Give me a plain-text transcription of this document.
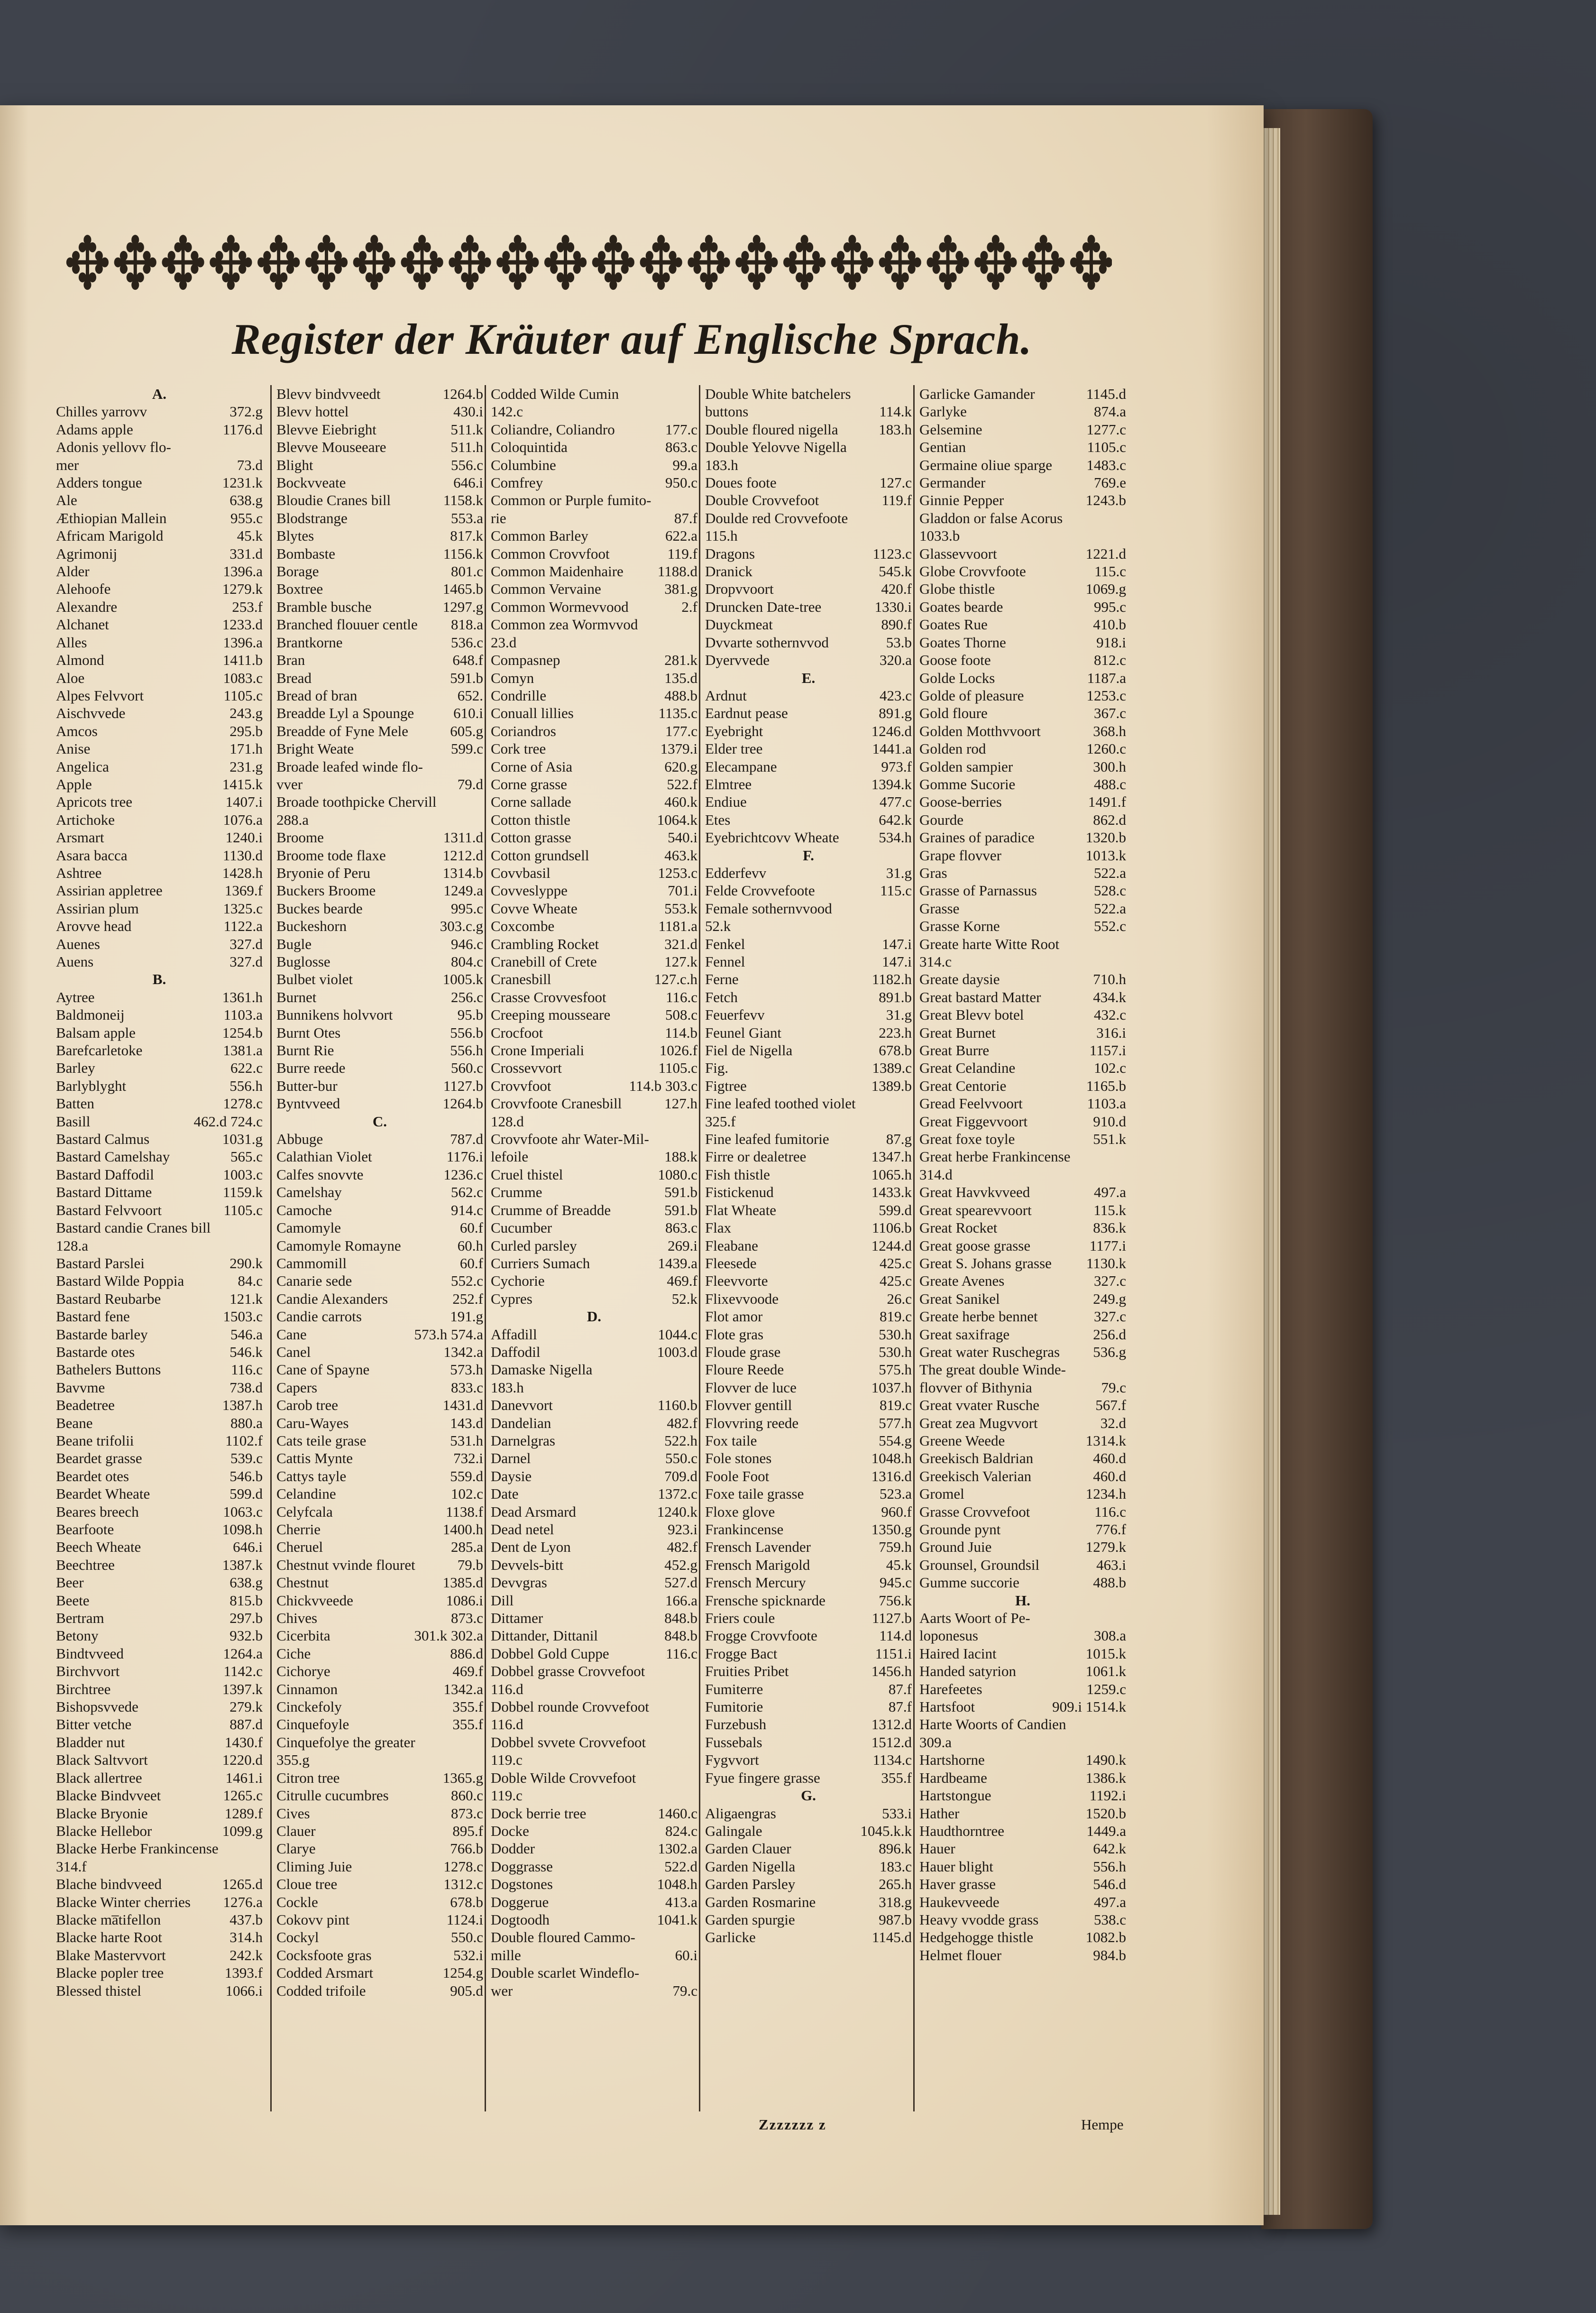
✥ ✥ ✥ ✥ ✥ ✥ ✥ ✥ ✥ ✥ ✥ ✥ ✥ ✥ ✥ ✥ ✥ ✥ ✥ ✥ ✥ ✥
Register der Kräuter auf Englische Sprach.
A.
Chilles yarrovv	372.g
Adams apple	1176.d
Adonis yellovv flo-
mer	73.d
Adders tongue	1231.k
Ale	638.g
Æthiopian Mallein	955.c
Africam Marigold	45.k
Agrimonij	331.d
Alder	1396.a
Alehoofe	1279.k
Alexandre	253.f
Alchanet	1233.d
Alles	1396.a
Almond	1411.b
Aloe	1083.c
Alpes Felvvort	1105.c
Aischvvede	243.g
Amcos	295.b
Anise	171.h
Angelica	231.g
Apple	1415.k
Apricots tree	1407.i
Artichoke	1076.a
Arsmart	1240.i
Asara bacca	1130.d
Ashtree	1428.h
Assirian appletree	1369.f
Assirian plum	1325.c
Arovve head	1122.a
Auenes	327.d
Auens	327.d
B.
Aytree	1361.h
Baldmoneij	1103.a
Balsam apple	1254.b
Barefcarletoke	1381.a
Barley	622.c
Barlyblyght	556.h
Batten	1278.c
Basill	462.d 724.c
Bastard Calmus	1031.g
Bastard Camelshay	565.c
Bastard Daffodil	1003.c
Bastard Dittame	1159.k
Bastard Felvvoort	1105.c
Bastard candie Cranes bill
128.a
Bastard Parslei	290.k
Bastard Wilde Poppia	84.c
Bastard Reubarbe	121.k
Bastard fene	1503.c
Bastarde barley	546.a
Bastarde otes	546.k
Bathelers Buttons	116.c
Bavvme	738.d
Beadetree	1387.h
Beane	880.a
Beane trifolii	1102.f
Beardet grasse	539.c
Beardet otes	546.b
Beardet Wheate	599.d
Beares breech	1063.c
Bearfoote	1098.h
Beech Wheate	646.i
Beechtree	1387.k
Beer	638.g
Beete	815.b
Bertram	297.b
Betony	932.b
Bindtvveed	1264.a
Birchvvort	1142.c
Birchtree	1397.k
Bishopsvvede	279.k
Bitter vetche	887.d
Bladder nut	1430.f
Black Saltvvort	1220.d
Black allertree	1461.i
Blacke Bindvveet	1265.c
Blacke Bryonie	1289.f
Blacke Hellebor	1099.g
Blacke Herbe Frankincense
314.f
Blache bindvveed	1265.d
Blacke Winter cherries 1276.a
Blacke ma̅tifellon	437.b
Blacke harte Root	314.h
Blake Mastervvort	242.k
Blacke popler tree	1393.f
Blessed thistel	1066.i
Blevv bindvveedt	1264.b
Blevv hottel	430.i
Blevve Eiebright	511.k
Blevve Mouseeare	511.h
Blight	556.c
Bockvveate	646.i
Bloudie Cranes bill	1158.k
Blodstrange	553.a
Blytes	817.k
Bombaste	1156.k
Borage	801.c
Boxtree	1465.b
Bramble busche	1297.g
Branched flouuer centle 818.a
Brantkorne	536.c
Bran	648.f
Bread	591.b
Bread of bran	652.
Breadde Lyl a Spounge	610.i
Breadde of Fyne Mele	605.g
Bright Weate	599.c
Broade leafed winde flo-
vver	79.d
Broade toothpicke Chervill
288.a
Broome	1311.d
Broome tode flaxe	1212.d
Bryonie of Peru	1314.b
Buckers Broome	1249.a
Buckes bearde	995.c
Buckeshorn	303.c.g
Bugle	946.c
Buglosse	804.c
Bulbet violet	1005.k
Burnet	256.c
Bunnikens holvvort	95.b
Burnt Otes	556.b
Burnt Rie	556.h
Burre reede	560.c
Butter-bur	1127.b
Byntvveed	1264.b
C.
Abbuge	787.d
Calathian Violet	1176.i
Calfes snovvte	1236.c
Camelshay	562.c
Camoche	914.c
Camomyle	60.f
Camomyle Romayne	60.h
Cammomill	60.f
Canarie sede	552.c
Candie Alexanders	252.f
Candie carrots	191.g
Cane	573.h 574.a
Canel	1342.a
Cane of Spayne	573.h
Capers	833.c
Carob tree	1431.d
Caru-Wayes	143.d
Cats teile grase	531.h
Cattis Mynte	732.i
Cattys tayle	559.d
Celandine	102.c
Celyfcala	1138.f
Cherrie	1400.h
Cheruel	285.a
Chestnut vvinde flouret	79.b
Chestnut	1385.d
Chickvveede	1086.i
Chives	873.c
Cicerbita	301.k 302.a
Ciche	886.d
Cichorye	469.f
Cinnamon	1342.a
Cinckefoly	355.f
Cinquefoyle	355.f
Cinquefolye the greater
355.g
Citron tree	1365.g
Citrulle cucumbres	860.c
Cives	873.c
Clauer	895.f
Clarye	766.b
Climing Juie	1278.c
Cloue tree	1312.c
Cockle	678.b
Cokovv pint	1124.i
Cockyl	550.c
Cocksfoote gras	532.i
Codded Arsmart	1254.g
Codded trifoile	905.d
Codded Wilde Cumin
142.c
Coliandre, Coliandro	177.c
Coloquintida	863.c
Columbine	99.a
Comfrey	950.c
Common or Purple fumito-
rie	87.f
Common Barley	622.a
Common Crovvfoot	119.f
Common Maidenhaire 1188.d
Common Vervaine	381.g
Common Wormevvood	2.f
Common zea Wormvvod
23.d
Compasnep	281.k
Comyn	135.d
Condrille	488.b
Conuall lillies	1135.c
Coriandros	177.c
Cork tree	1379.i
Corne of Asia	620.g
Corne grasse	522.f
Corne sallade	460.k
Cotton thistle	1064.k
Cotton grasse	540.i
Cotton grundsell	463.k
Covvbasil	1253.c
Covveslyppe	701.i
Covve Wheate	553.k
Coxcombe	1181.a
Crambling Rocket	321.d
Cranebill of Crete	127.k
Cranesbill	127.c.h
Crasse Crovvesfoot	116.c
Creeping mousseare	508.c
Crocfoot	114.b
Crone Imperiali	1026.f
Crossevvort	1105.c
Crovvfoot	114.b 303.c
Crovvfoote Cranesbill	127.h
128.d
Crovvfoote ahr Water-Mil-
lefoile	188.k
Cruel thistel	1080.c
Crumme	591.b
Crumme of Breadde	591.b
Cucumber	863.c
Curled parsley	269.i
Curriers Sumach	1439.a
Cychorie	469.f
Cypres	52.k
D.
Affadill	1044.c
Daffodil	1003.d
Damaske Nigella
183.h
Danevvort	1160.b
Dandelian	482.f
Darnelgras	522.h
Darnel	550.c
Daysie	709.d
Date	1372.c
Dead Arsmard	1240.k
Dead netel	923.i
Dent de Lyon	482.f
Devvels-bitt	452.g
Devvgras	527.d
Dill	166.a
Dittamer	848.b
Dittander, Dittanil	848.b
Dobbel Gold Cuppe	116.c
Dobbel grasse Crovvefoot
116.d
Dobbel rounde Crovvefoot
116.d
Dobbel svvete Crovvefoot
119.c
Doble Wilde Crovvefoot
119.c
Dock berrie tree	1460.c
Docke	824.c
Dodder	1302.a
Doggrasse	522.d
Dogstones	1048.h
Doggerue	413.a
Dogtoodh	1041.k
Double floured Cammo-
mille	60.i
Double scarlet Windeflo-
wer	79.c
Double White batchelers
buttons	114.k
Double floured nigella	183.h
Double Yelovve Nigella
183.h
Doues foote	127.c
Double Crovvefoot	119.f
Doulde red Crovvefoote
115.h
Dragons	1123.c
Dranick	545.k
Dropvvoort	420.f
Druncken Date-tree	1330.i
Duyckmeat	890.f
Dvvarte sothernvvod	53.b
Dyervvede	320.a
E.
Ardnut	423.c
Eardnut pease	891.g
Eyebright	1246.d
Elder tree	1441.a
Elecampane	973.f
Elmtree	1394.k
Endiue	477.c
Etes	642.k
Eyebrichtcovv Wheate	534.h
F.
Edderfevv	31.g
Felde Crovvefoote	115.c
Female sothernvvood
52.k
Fenkel	147.i
Fennel	147.i
Ferne	1182.h
Fetch	891.b
Feuerfevv	31.g
Feunel Giant	223.h
Fiel de Nigella	678.b
Fig.	1389.c
Figtree	1389.b
Fine leafed toothed violet
325.f
Fine leafed fumitorie	87.g
Firre or dealetree	1347.h
Fish thistle	1065.h
Fistickenud	1433.k
Flat Wheate	599.d
Flax	1106.b
Fleabane	1244.d
Fleesede	425.c
Fleevvorte	425.c
Flixevvoode	26.c
Flot amor	819.c
Flote gras	530.h
Floude grase	530.h
Floure Reede	575.h
Flovver de luce	1037.h
Flovver gentill	819.c
Flovvring reede	577.h
Fox taile	554.g
Fole stones	1048.h
Foole Foot	1316.d
Foxe taile grasse	523.a
Floxe glove	960.f
Frankincense	1350.g
Frensch Lavender	759.h
Frensch Marigold	45.k
Frensch Mercury	945.c
Frensche spicknarde	756.k
Friers coule	1127.b
Frogge Crovvfoote	114.d
Frogge Bact	1151.i
Fruities Pribet	1456.h
Fumiterre	87.f
Fumitorie	87.f
Furzebush	1312.d
Fussebals	1512.d
Fygvvort	1134.c
Fyue fingere grasse	355.f
G.
Aligaengras	533.i
Galingale	1045.k.k
Garden Clauer	896.k
Garden Nigella	183.c
Garden Parsley	265.h
Garden Rosmarine	318.g
Garden spurgie	987.b
Garlicke	1145.d
Garlicke Gamander	1145.d
Garlyke	874.a
Gelsemine	1277.c
Gentian	1105.c
Germaine oliue sparge 1483.c
Germander	769.e
Ginnie Pepper	1243.b
Gladdon or false Acorus
1033.b
Glassevvoort	1221.d
Globe Crovvfoote	115.c
Globe thistle	1069.g
Goates bearde	995.c
Goates Rue	410.b
Goates Thorne	918.i
Goose foote	812.c
Golde Locks	1187.a
Golde of pleasure	1253.c
Gold floure	367.c
Golden Motthvvoort	368.h
Golden rod	1260.c
Golden sampier	300.h
Gomme Sucorie	488.c
Goose-berries	1491.f
Gourde	862.d
Graines of paradice	1320.b
Grape flovver	1013.k
Gras	522.a
Grasse of Parnassus	528.c
Grasse	522.a
Grasse Korne	552.c
Greate harte Witte Root
314.c
Greate daysie	710.h
Great bastard Matter	434.k
Great Blevv botel	432.c
Great Burnet	316.i
Great Burre	1157.i
Great Celandine	102.c
Great Centorie	1165.b
Gread Feelvvoort	1103.a
Great Figgevvoort	910.d
Great foxe toyle	551.k
Great herbe Frankincense
314.d
Great Havvkvveed	497.a
Great spearevvoort	115.k
Great Rocket	836.k
Great goose grasse	1177.i
Great S. Johans grasse 1130.k
Greate Avenes	327.c
Great Sanikel	249.g
Greate herbe bennet	327.c
Great saxifrage	256.d
Great water Ruschegras 536.g
The great double Winde-
flovver of Bithynia	79.c
Great vvater Rusche	567.f
Great zea Mugvvort	32.d
Greene Weede	1314.k
Greekisch Baldrian	460.d
Greekisch Valerian	460.d
Gromel	1234.h
Grasse Crovvefoot	116.c
Grounde pynt	776.f
Ground Juie	1279.k
Grounsel, Groundsil	463.i
Gumme succorie	488.b
H.
Aarts Woort of Pe-
loponesus	308.a
Haired Iacint	1015.k
Handed satyrion	1061.k
Harefeetes	1259.c
Hartsfoot	909.i 1514.k
Harte Woorts of Candien
309.a
Hartshorne	1490.k
Hardbeame	1386.k
Hartstongue	1192.i
Hather	1520.b
Haudthorntree	1449.a
Hauer	642.k
Hauer blight	556.h
Haver grasse	546.d
Haukevveede	497.a
Heavy vvodde grass	538.c
Hedgehogge thistle	1082.b
Helmet flouer	984.b
Zzzzzzz z	Hempe
